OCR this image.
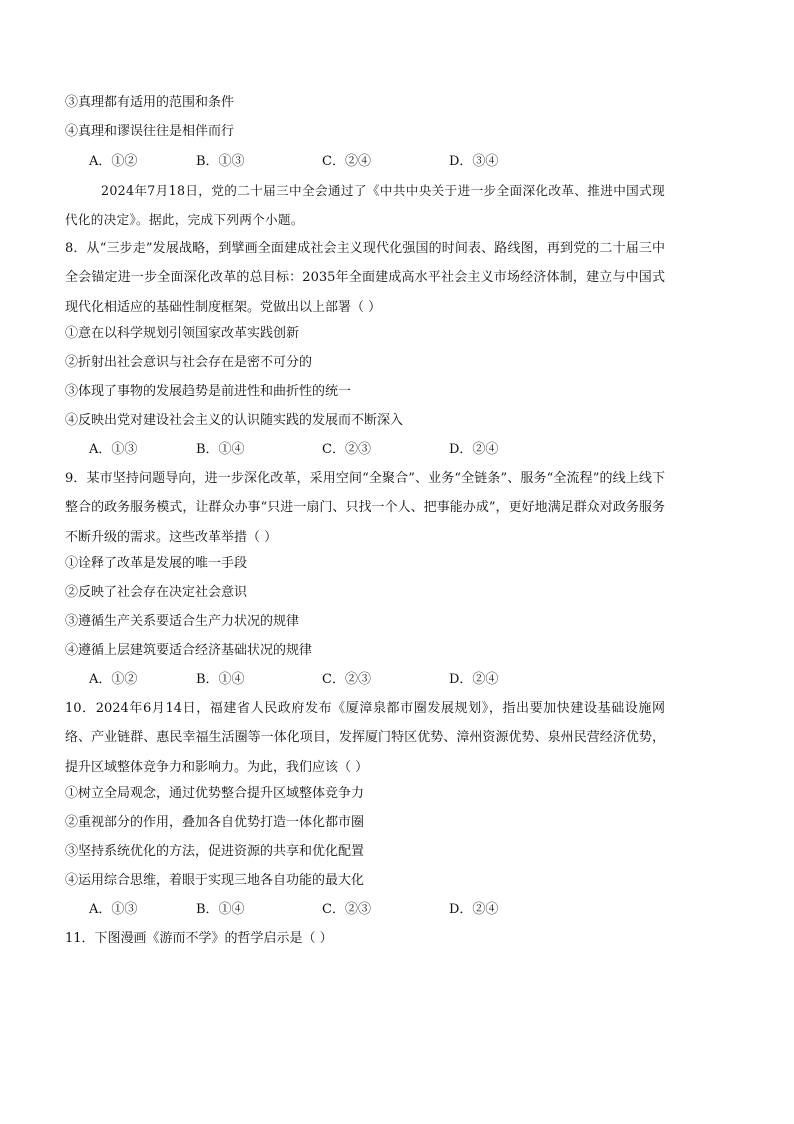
③真理都有适用的范围和条件
④真理和谬误往往是相伴而行
A．①②	B．①③	C．②④	D．③④
2024年7月18日，党的二十届三中全会通过了《中共中央关于进一步全面深化改革、推进中国式现代化的决定》。据此，完成下列两个小题。
8．从“三步走”发展战略，到擘画全面建成社会主义现代化强国的时间表、路线图，再到党的二十届三中全会锚定进一步全面深化改革的总目标：2035年全面建成高水平社会主义市场经济体制，建立与中国式现代化相适应的基础性制度框架。党做出以上部署（ ）
①意在以科学规划引领国家改革实践创新
②折射出社会意识与社会存在是密不可分的
③体现了事物的发展趋势是前进性和曲折性的统一
④反映出党对建设社会主义的认识随实践的发展而不断深入
A．①③	B．①④	C．②③	D．②④
9．某市坚持问题导向，进一步深化改革，采用空间“全聚合”、业务“全链条”、服务“全流程”的线上线下整合的政务服务模式，让群众办事“只进一扇门、只找一个人、把事能办成”，更好地满足群众对政务服务不断升级的需求。这些改革举措（ ）
①诠释了改革是发展的唯一手段
②反映了社会存在决定社会意识
③遵循生产关系要适合生产力状况的规律
④遵循上层建筑要适合经济基础状况的规律
A．①②	B．①④	C．②③	D．②④
10．2024年6月14日，福建省人民政府发布《厦漳泉都市圈发展规划》，指出要加快建设基础设施网络、产业链群、惠民幸福生活圈等一体化项目，发挥厦门特区优势、漳州资源优势、泉州民营经济优势，提升区域整体竞争力和影响力。为此，我们应该（ ）
①树立全局观念，通过优势整合提升区域整体竞争力
②重视部分的作用，叠加各自优势打造一体化都市圈
③坚持系统优化的方法，促进资源的共享和优化配置
④运用综合思维，着眼于实现三地各自功能的最大化
A．①③	B．①④	C．②③	D．②④
11．下图漫画《游而不学》的哲学启示是（ ）
